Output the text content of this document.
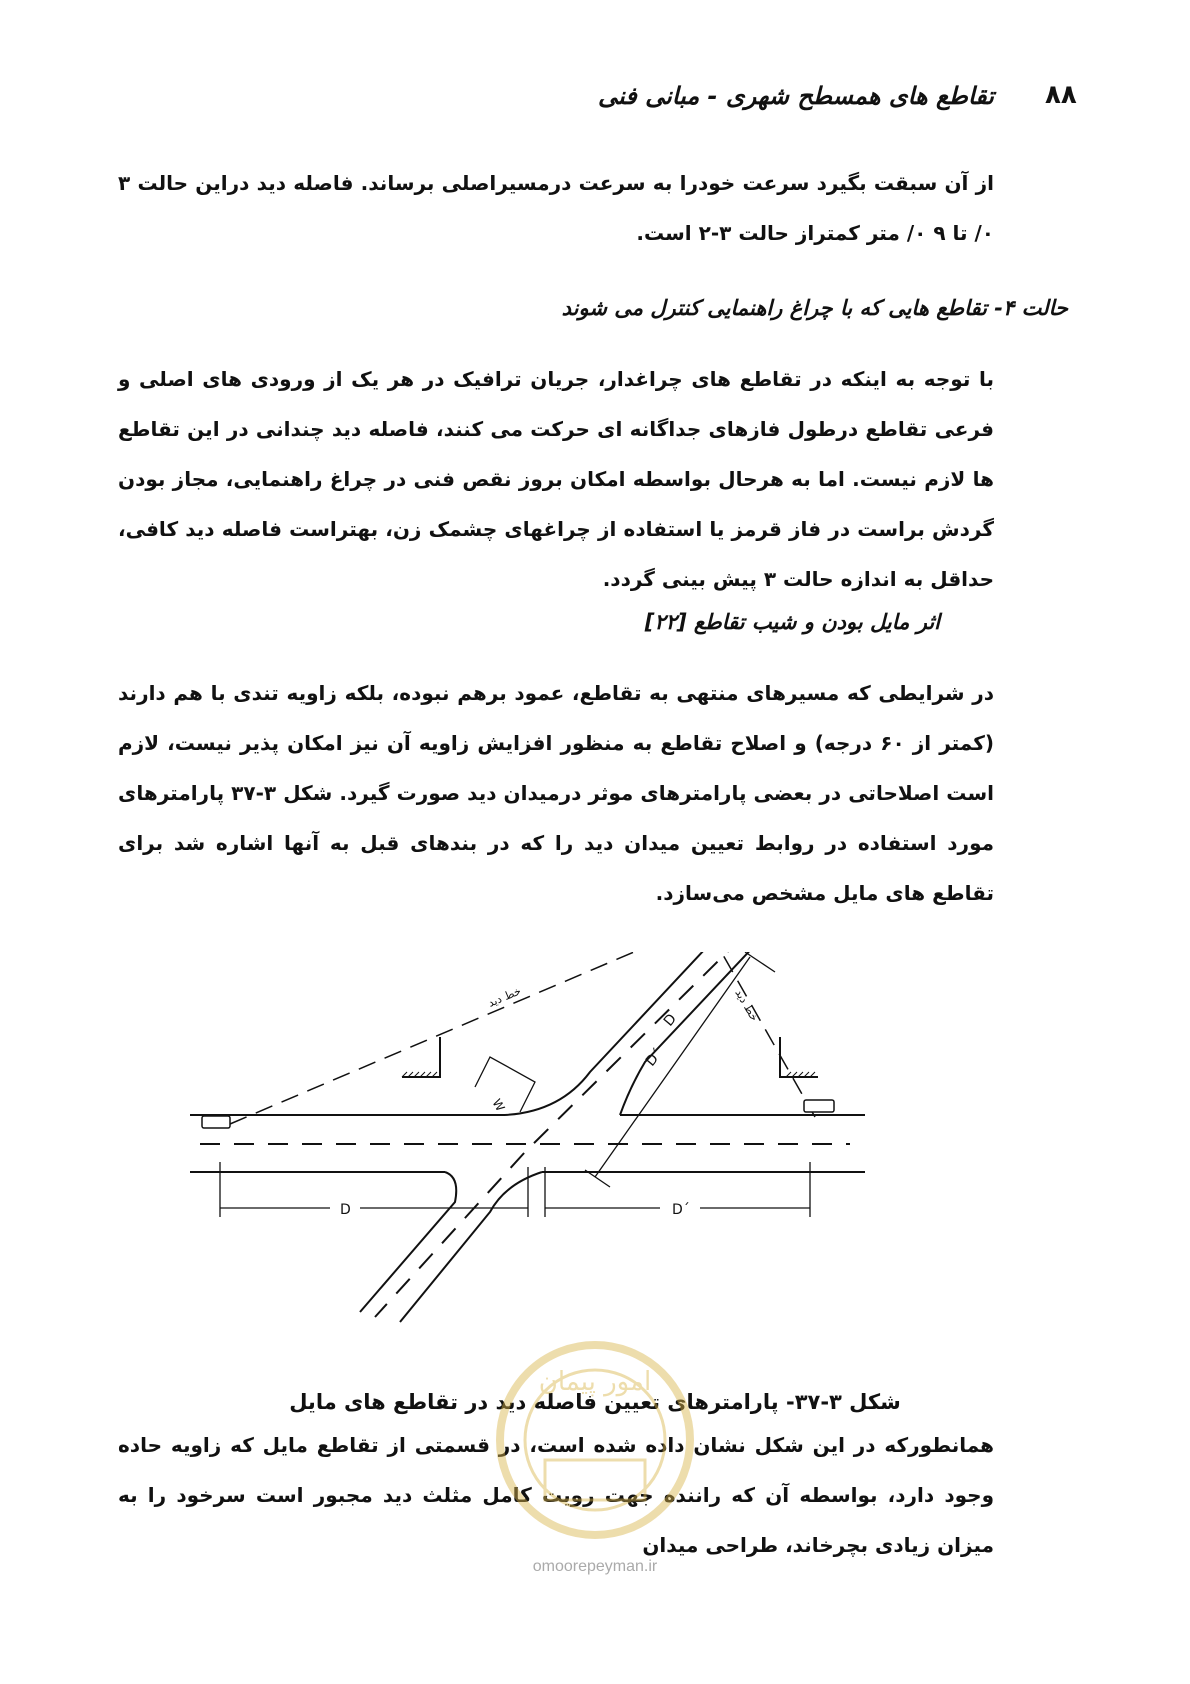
۸۸
تقاطع های همسطح شهری - مبانی فنی
از آن سبقت بگیرد سرعت خودرا به سرعت درمسیراصلی برساند. فاصله دید دراین حالت ۳ ۰/ تا ۹ ۰/ متر کمتراز حالت ۳-۲ است.
حالت ۴- تقاطع هایی که با چراغ راهنمایی کنترل می شوند
با توجه به اینکه در تقاطع های چراغدار، جریان ترافیک در هر یک از ورودی های اصلی و فرعی تقاطع درطول فازهای جداگانه ای حرکت می کنند، فاصله دید چندانی در این تقاطع ها لازم نیست. اما به هرحال بواسطه امکان بروز نقص فنی در چراغ راهنمایی، مجاز بودن گردش براست در فاز قرمز یا استفاده از چراغهای چشمک زن، بهتراست فاصله دید کافی، حداقل به اندازه حالت ۳ پیش بینی گردد.
اثر مایل بودن و شیب تقاطع [۲۲]
در شرایطی که مسیرهای منتهی به تقاطع، عمود برهم نبوده، بلکه زاویه تندی با هم دارند (کمتر از ۶۰ درجه) و اصلاح تقاطع به منظور افزایش زاویه آن نیز امکان پذیر نیست، لازم است اصلاحاتی در بعضی پارامترهای موثر درمیدان دید صورت گیرد. شکل ۳-۳۷ پارامترهای مورد استفاده در روابط تعیین میدان دید را که در بندهای قبل به آنها اشاره شد برای تقاطع های مایل مشخص می‌سازد.
D	D´
D
D´
W
خط دید	خط دید
شکل ۳-۳۷- پارامترهای تعیین فاصله دید در تقاطع های مایل
همانطورکه در این شکل نشان داده شده است، در قسمتی از تقاطع مایل که زاویه حاده وجود دارد، بواسطه آن که راننده جهت رویت کامل مثلث دید مجبور است سرخود را به میزان زیادی بچرخاند، طراحی میدان
امور پیمان
omoorepeyman.ir
